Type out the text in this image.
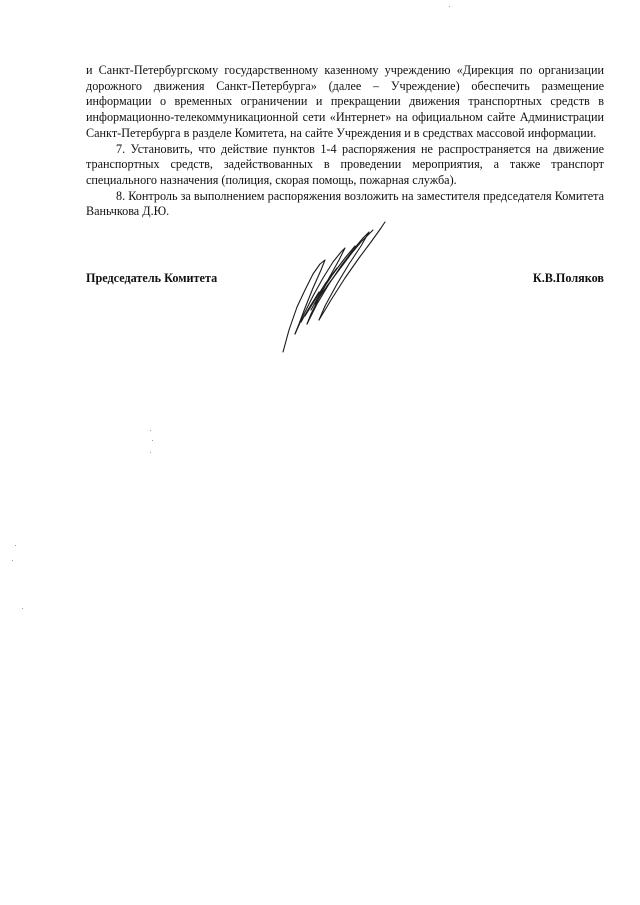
и Санкт-Петербургскому государственному казенному учреждению «Дирекция по организации дорожного движения Санкт-Петербурга» (далее – Учреждение) обеспечить размещение информации о временных ограничении и прекращении движения транспортных средств в информационно-телекоммуникационной сети «Интернет» на официальном сайте Администрации Санкт-Петербурга в разделе Комитета, на сайте Учреждения и в средствах массовой информации.

7. Установить, что действие пунктов 1-4 распоряжения не распространяется на движение транспортных средств, задействованных в проведении мероприятия, а также транспорт специального назначения (полиция, скорая помощь, пожарная служба).

8. Контроль за выполнением распоряжения возложить на заместителя председателя Комитета Ваньчкова Д.Ю.

Председатель Комитета	К.В.Поляков
